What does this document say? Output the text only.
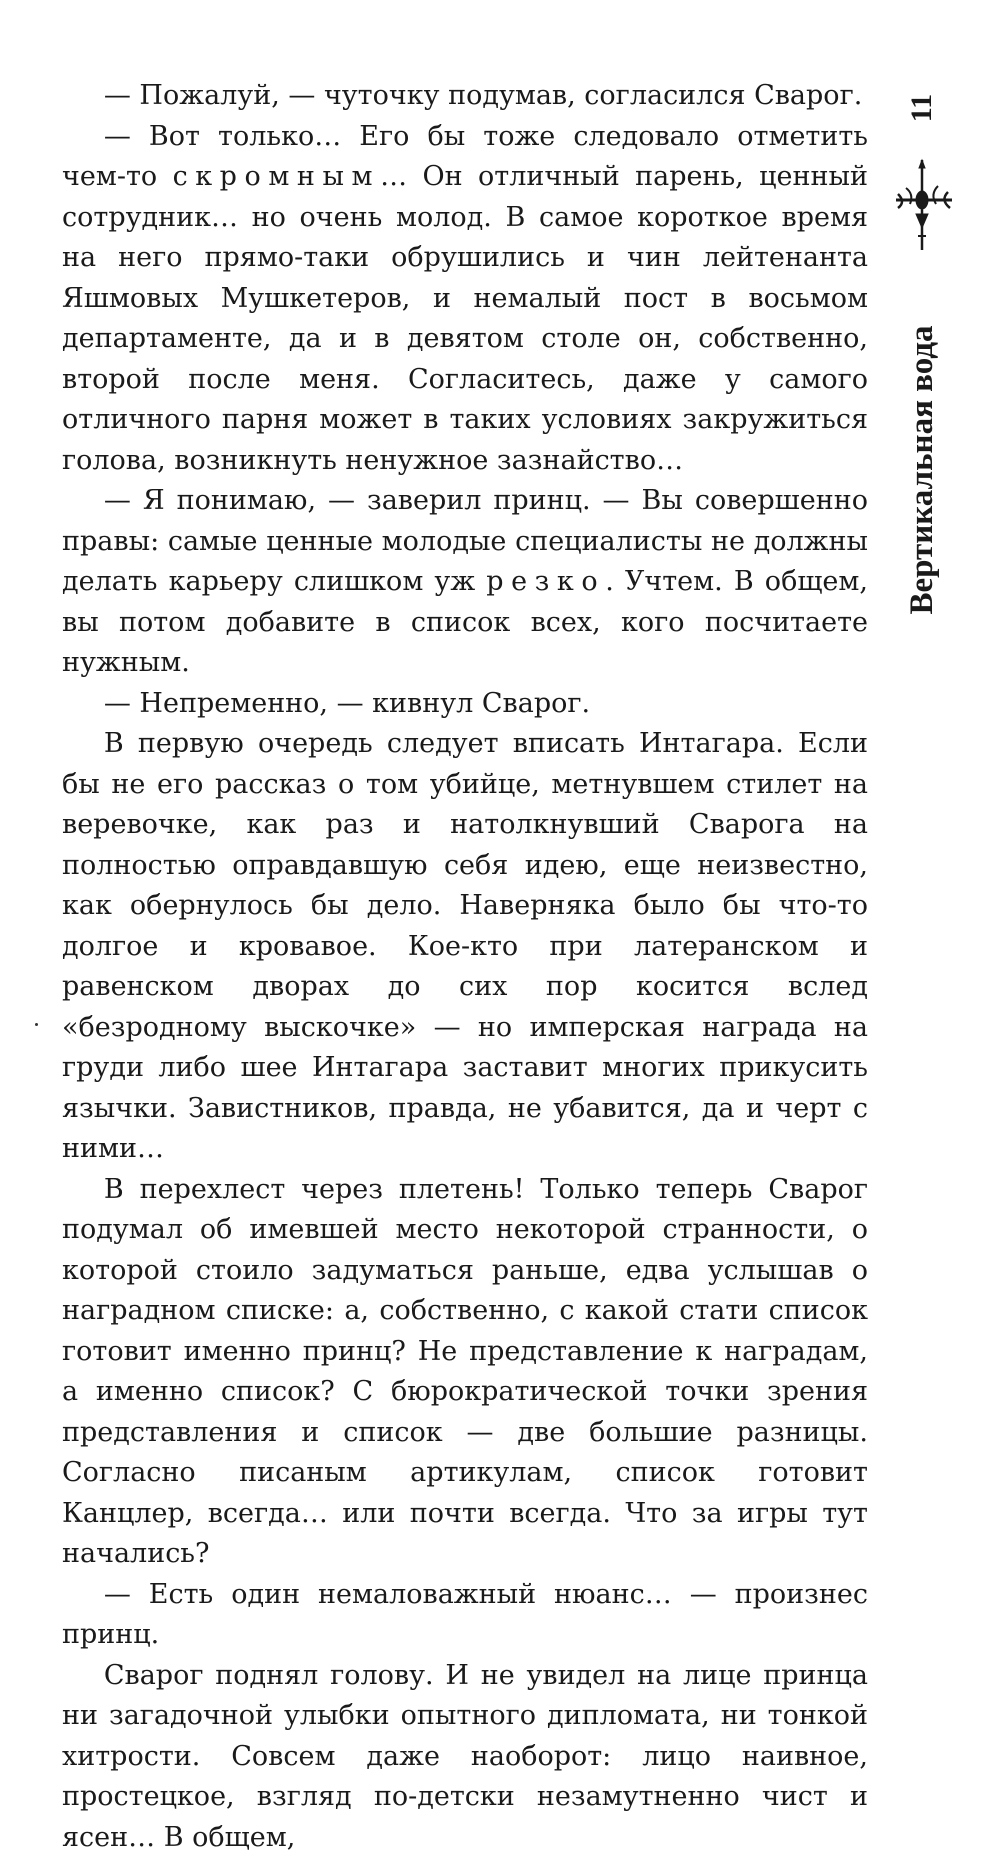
— Пожалуй, — чуточку подумав, согласился Сварог.

— Вот только… Его бы тоже следовало отметить чем-то скромным… Он отличный парень, ценный сотрудник… но очень молод. В самое короткое время на него прямо-таки обрушились и чин лейтенанта Яшмовых Мушкетеров, и немалый пост в восьмом департаменте, да и в девятом столе он, собственно, второй после меня. Согласитесь, даже у самого отличного парня может в таких условиях закружиться голова, возникнуть ненужное зазнайство…

— Я понимаю, — заверил принц. — Вы совершенно правы: самые ценные молодые специалисты не должны делать карьеру слишком уж резко. Учтем. В общем, вы потом добавите в список всех, кого посчитаете нужным.

— Непременно, — кивнул Сварог.

В первую очередь следует вписать Интагара. Если бы не его рассказ о том убийце, метнувшем стилет на веревочке, как раз и натолкнувший Сварога на полностью оправдавшую себя идею, еще неизвестно, как обернулось бы дело. Наверняка было бы что-то долгое и кровавое. Кое-кто при латеранском и равенском дворах до сих пор косится вслед «безродному выскочке» — но имперская награда на груди либо шее Интагара заставит многих прикусить язычки. Завистников, правда, не убавится, да и черт с ними…

В перехлест через плетень! Только теперь Сварог подумал об имевшей место некоторой странности, о которой стоило задуматься раньше, едва услышав о наградном списке: а, собственно, с какой стати список готовит именно принц? Не представление к наградам, а именно список? С бюрократической точки зрения представления и список — две большие разницы. Согласно писаным артикулам, список готовит Канцлер, всегда… или почти всегда. Что за игры тут начались?

— Есть один немаловажный нюанс… — произнес принц.

Сварог поднял голову. И не увидел на лице принца ни загадочной улыбки опытного дипломата, ни тонкой хитрости. Совсем даже наоборот: лицо наивное, простецкое, взгляд по-детски незамутненно чист и ясен… В общем,

11
Вертикальная вода
